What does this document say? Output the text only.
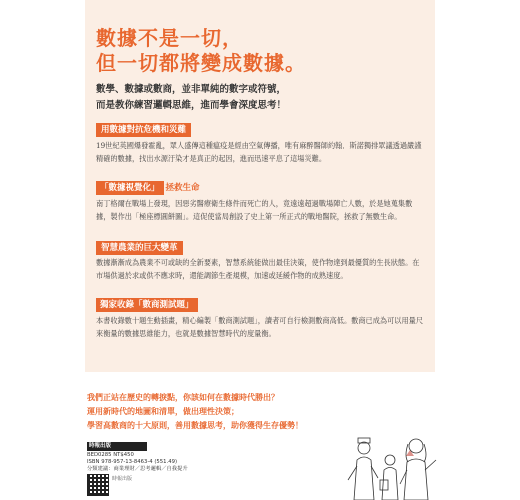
數據不是一切，
但一切都將變成數據。
數學、數據或數商，並非單純的數字或符號，
而是教你練習邏輯思維，進而學會深度思考！
用數據對抗危機和災難
19世紀英國爆發霍亂，眾人盛傳這種瘟疫是經由空氣傳播，唯有麻醉醫師約翰．斯諾獨排眾議透過嚴謹精確的數據，找出水源汙染才是真正的起因，進而迅速平息了這場災難。
「數據視覺化」 拯救生命
南丁格爾在戰場上發現，因惡劣醫療衛生條件而死亡的人，竟遠遠超過戰場陣亡人數，於是她蒐集數據，製作出「極座標圓餅圖」。這促使當局創設了史上第一所正式的戰地醫院，拯救了無數生命。
智慧農業的巨大變革
數據漸漸成為農業不可或缺的全新要素，智慧系統能做出最佳決策，使作物達到最優質的生長狀態。在市場供過於求或供不應求時，還能調節生產規模，加速或延緩作物的成熟速度。
獨家收錄「數商測試題」
本書收錄數十題生動插畫，精心編製「數商測試題」，讀者可自行檢測數商高低。數商已成為可以用量尺來衡量的數據思維能力，也就是數據智慧時代的度量衡。
我們正站在歷史的轉捩點，你該如何在數據時代勝出？
運用新時代的地圖和清單，做出理性決策；
學習高數商的十大原則，善用數據思考，助你獲得生存優勢！
時報出版
BED0285 NT$450
ISBN 978-957-13-8463-4 (551.49)
分類建議：商業理財／思考邏輯／自我提升
時報出版
